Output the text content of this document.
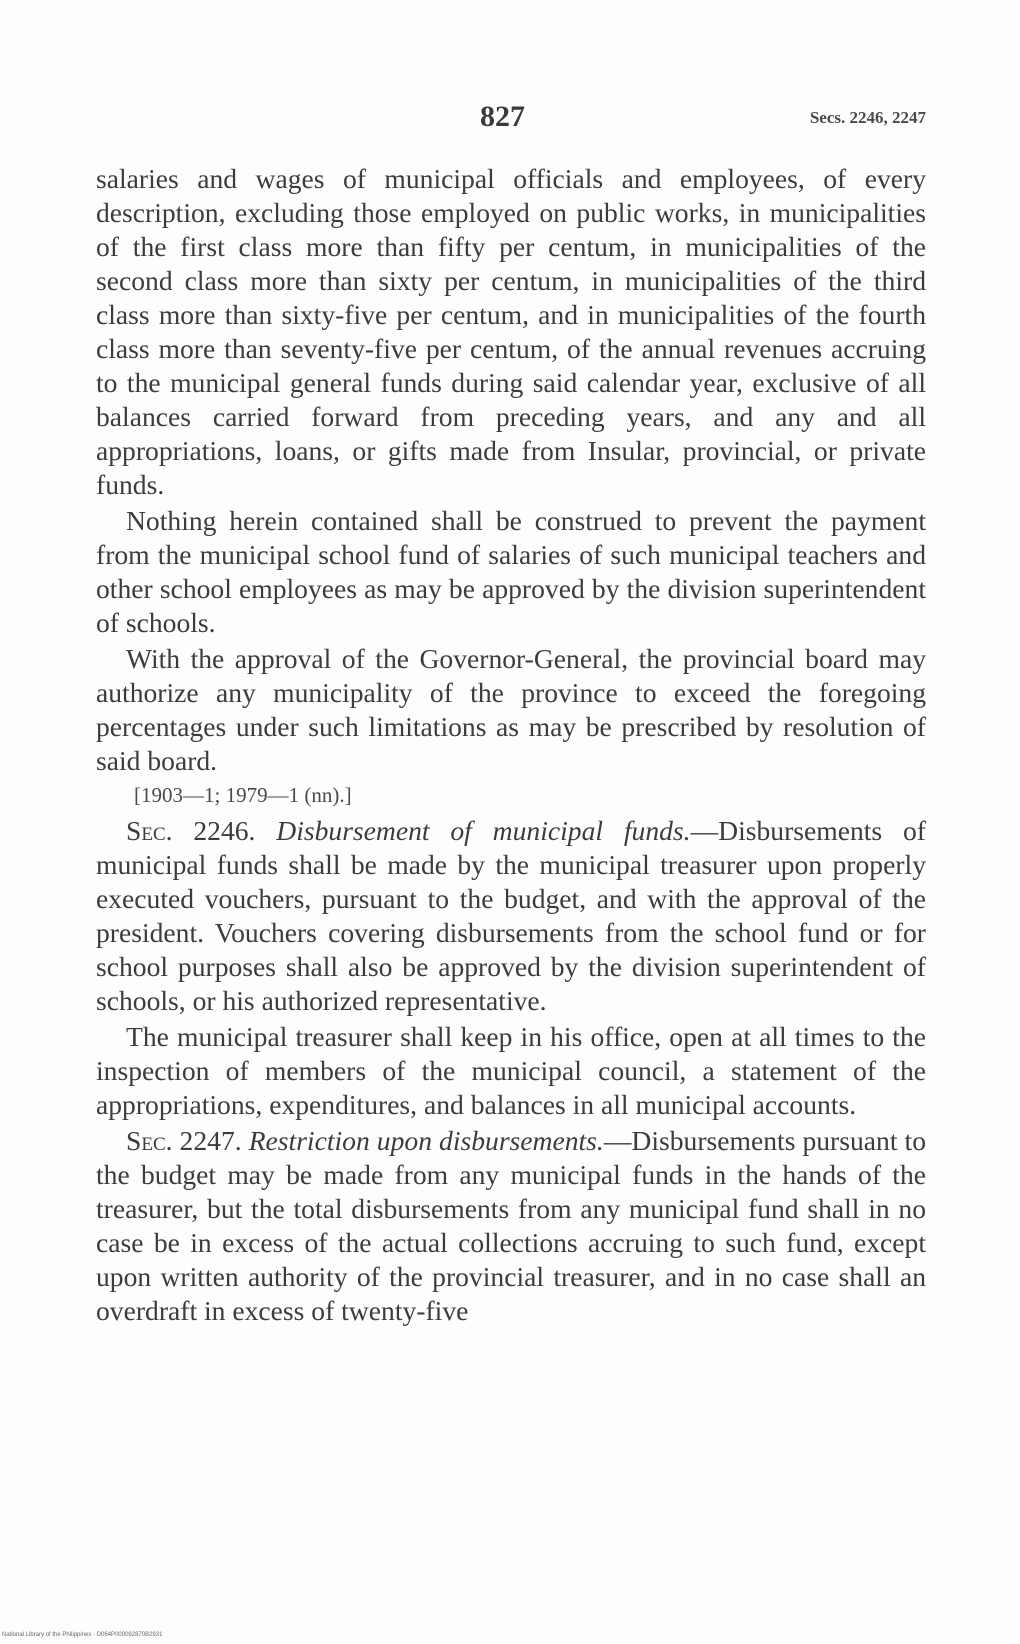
827	Secs. 2246, 2247

salaries and wages of municipal officials and employees, of every description, excluding those employed on public works, in municipalities of the first class more than fifty per centum, in municipalities of the second class more than sixty per centum, in municipalities of the third class more than sixty-five per centum, and in municipalities of the fourth class more than seventy-five per centum, of the annual revenues accruing to the municipal general funds during said calendar year, exclusive of all balances carried forward from preceding years, and any and all appropriations, loans, or gifts made from Insular, provincial, or private funds.

Nothing herein contained shall be construed to prevent the payment from the municipal school fund of salaries of such municipal teachers and other school employees as may be approved by the division superintendent of schools.

With the approval of the Governor-General, the provincial board may authorize any municipality of the province to exceed the foregoing percentages under such limitations as may be prescribed by resolution of said board.

[1903—1; 1979—1 (nn).]

Sec. 2246. Disbursement of municipal funds.—Disbursements of municipal funds shall be made by the municipal treasurer upon properly executed vouchers, pursuant to the budget, and with the approval of the president. Vouchers covering disbursements from the school fund or for school purposes shall also be approved by the division superintendent of schools, or his authorized representative.

The municipal treasurer shall keep in his office, open at all times to the inspection of members of the municipal council, a statement of the appropriations, expenditures, and balances in all municipal accounts.

Sec. 2247. Restriction upon disbursements.—Disbursements pursuant to the budget may be made from any municipal funds in the hands of the treasurer, but the total disbursements from any municipal fund shall in no case be in excess of the actual collections accruing to such fund, except upon written authority of the provincial treasurer, and in no case shall an overdraft in excess of twenty-five

National Library of the Philippines · D064P000092870B2931
